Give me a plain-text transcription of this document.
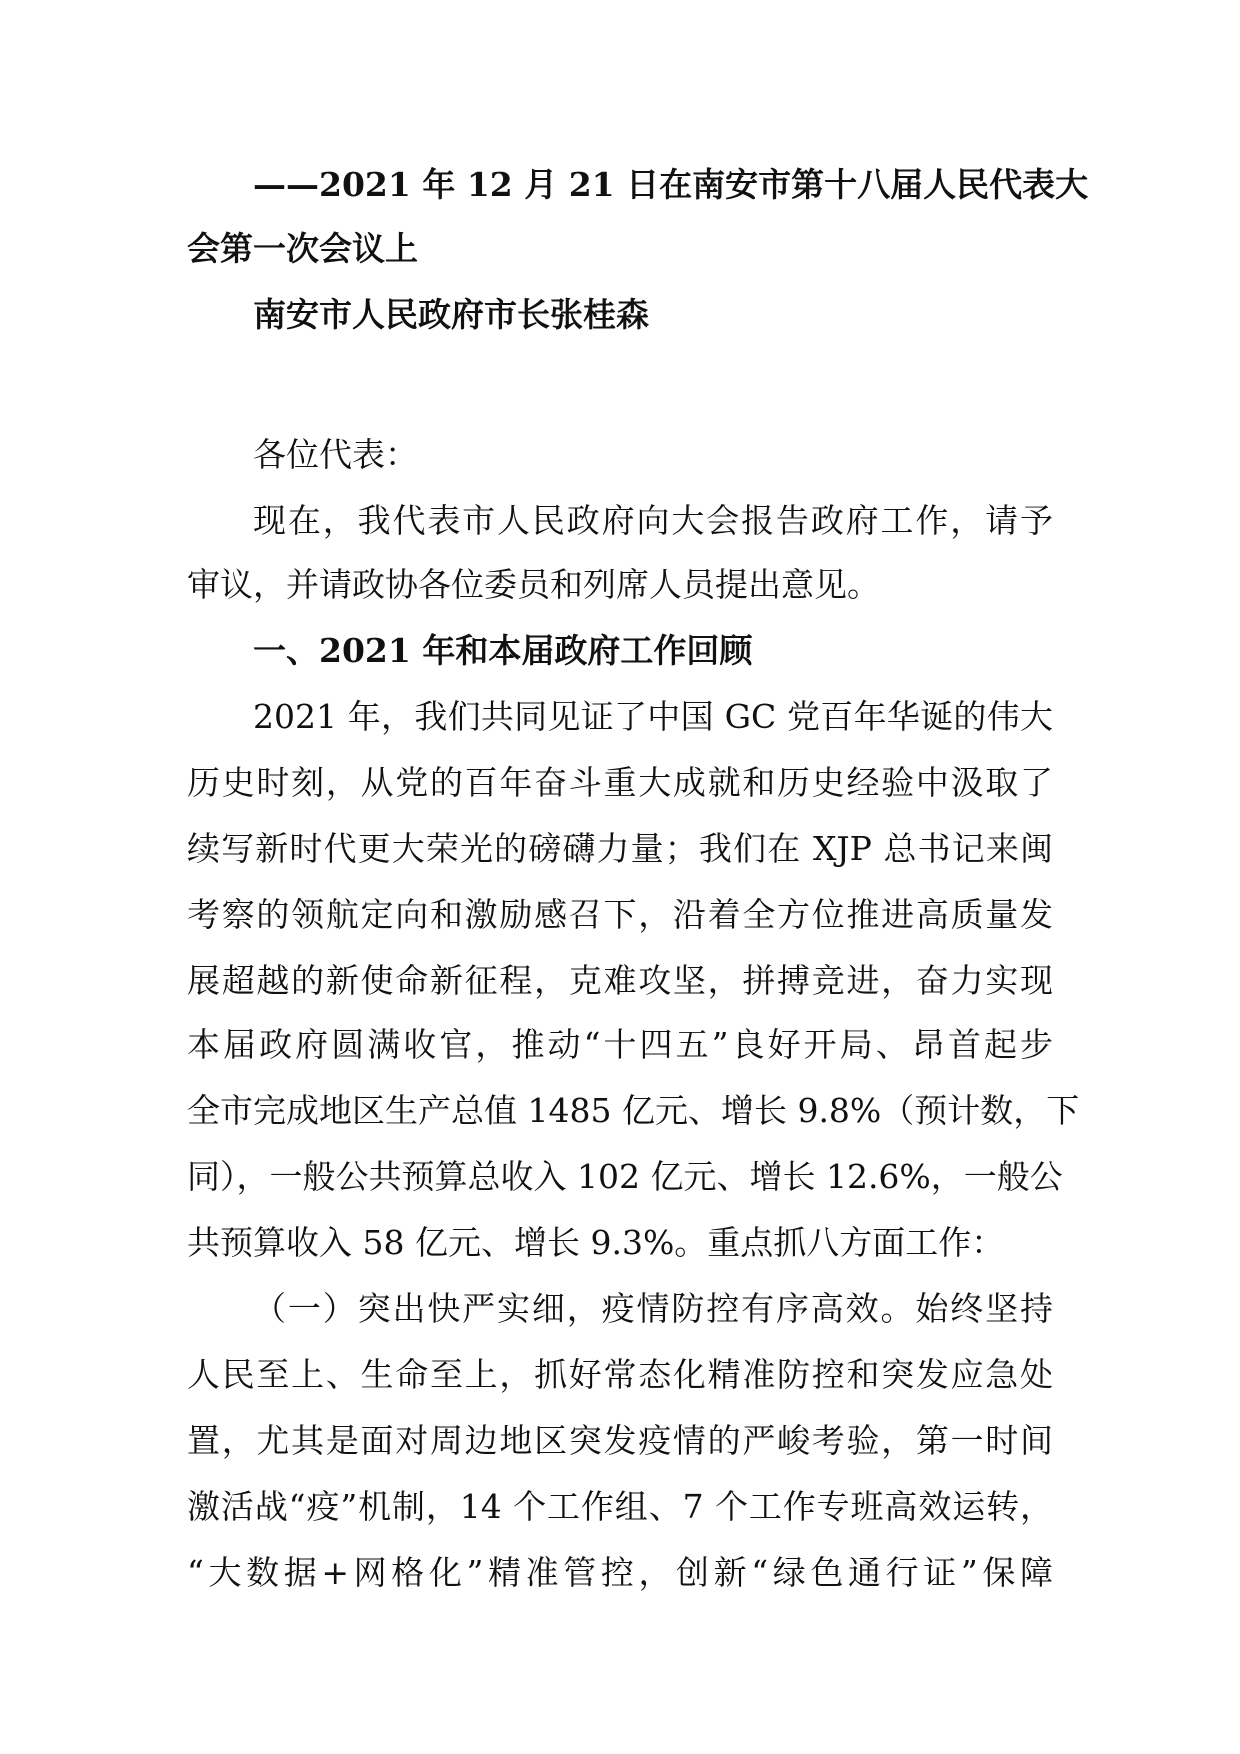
——2021 年 12 月 21 日在南安市第十八届人民代表大

会第一次会议上

南安市人民政府市长张桂森

各位代表：

现在，我代表市人民政府向大会报告政府工作，请予

审议，并请政协各位委员和列席人员提出意见。

一、2021 年和本届政府工作回顾

2021 年，我们共同见证了中国 GC 党百年华诞的伟大

历史时刻，从党的百年奋斗重大成就和历史经验中汲取了

续写新时代更大荣光的磅礴力量；我们在 XJP 总书记来闽

考察的领航定向和激励感召下，沿着全方位推进高质量发

展超越的新使命新征程，克难攻坚，拼搏竞进，奋力实现

本届政府圆满收官，推动“十四五”良好开局、昂首起步

全市完成地区生产总值 1485 亿元、增长 9.8%（预计数，下

同），一般公共预算总收入 102 亿元、增长 12.6%，一般公

共预算收入 58 亿元、增长 9.3%。重点抓八方面工作：

（一）突出快严实细，疫情防控有序高效。始终坚持

人民至上、生命至上，抓好常态化精准防控和突发应急处

置，尤其是面对周边地区突发疫情的严峻考验，第一时间

激活战“疫”机制，14 个工作组、7 个工作专班高效运转，

“大数据+网格化”精准管控，创新“绿色通行证”保障
